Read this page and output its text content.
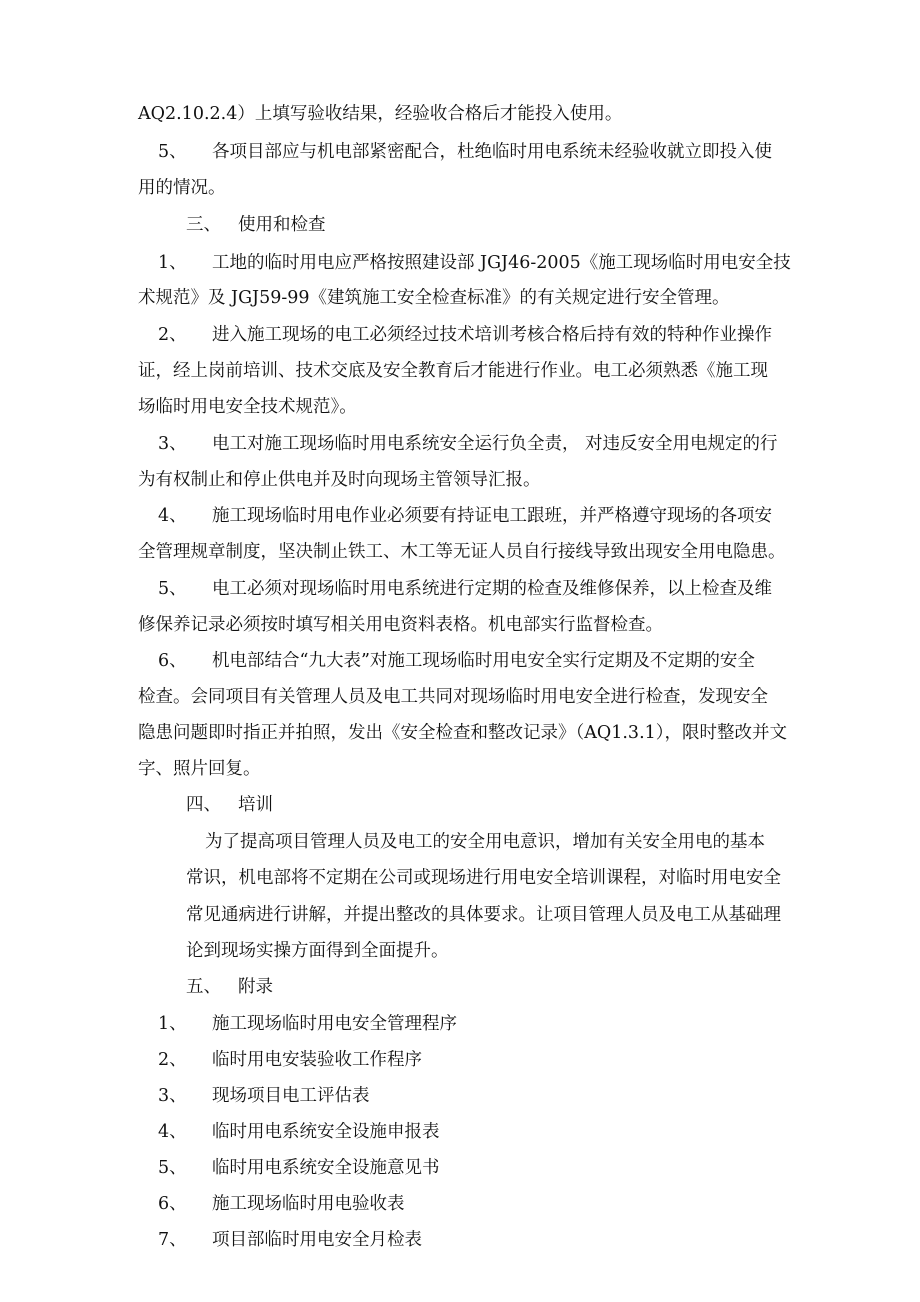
AQ2.10.2.4）上填写验收结果，经验收合格后才能投入使用。
5、 各项目部应与机电部紧密配合，杜绝临时用电系统未经验收就立即投入使
用的情况。
三、 使用和检查
1、 工地的临时用电应严格按照建设部 JGJ46-2005《施工现场临时用电安全技
术规范》及 JGJ59-99《建筑施工安全检查标准》的有关规定进行安全管理。
2、 进入施工现场的电工必须经过技术培训考核合格后持有效的特种作业操作
证，经上岗前培训、技术交底及安全教育后才能进行作业。电工必须熟悉《施工现
场临时用电安全技术规范》。
3、 电工对施工现场临时用电系统安全运行负全责， 对违反安全用电规定的行
为有权制止和停止供电并及时向现场主管领导汇报。
4、 施工现场临时用电作业必须要有持证电工跟班，并严格遵守现场的各项安
全管理规章制度，坚决制止铁工、木工等无证人员自行接线导致出现安全用电隐患。
5、 电工必须对现场临时用电系统进行定期的检查及维修保养，以上检查及维
修保养记录必须按时填写相关用电资料表格。机电部实行监督检查。
6、 机电部结合“九大表”对施工现场临时用电安全实行定期及不定期的安全
检查。会同项目有关管理人员及电工共同对现场临时用电安全进行检查，发现安全
隐患问题即时指正并拍照，发出《安全检查和整改记录》（AQ1.3.1），限时整改并文
字、照片回复。
四、 培训
为了提高项目管理人员及电工的安全用电意识，增加有关安全用电的基本
常识，机电部将不定期在公司或现场进行用电安全培训课程，对临时用电安全
常见通病进行讲解，并提出整改的具体要求。让项目管理人员及电工从基础理
论到现场实操方面得到全面提升。
五、 附录
1、 施工现场临时用电安全管理程序
2、 临时用电安装验收工作程序
3、 现场项目电工评估表
4、 临时用电系统安全设施申报表
5、 临时用电系统安全设施意见书
6、 施工现场临时用电验收表
7、 项目部临时用电安全月检表
